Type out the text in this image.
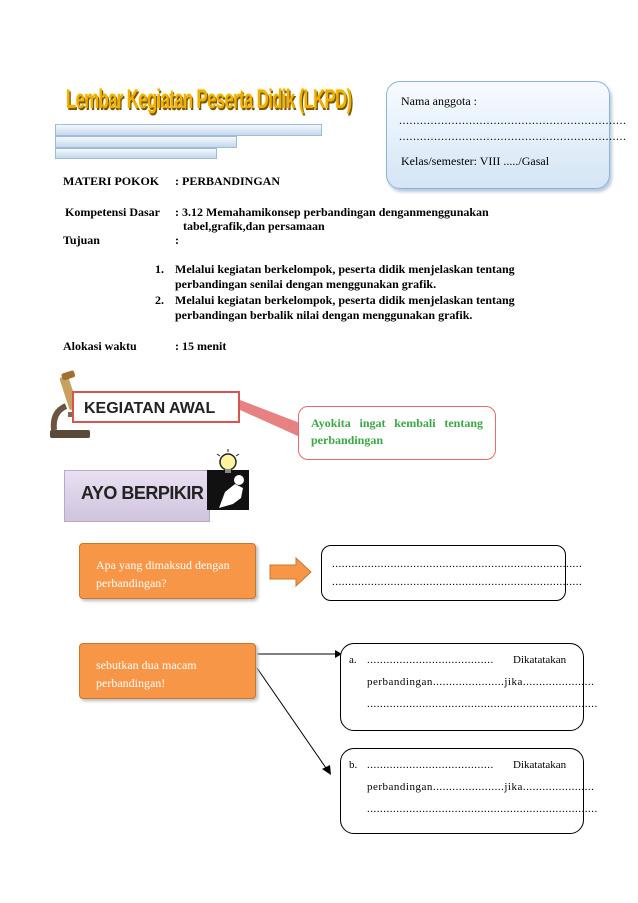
Lembar Kegiatan Peserta Didik (LKPD)	Nama anggota :
.................................................................
.................................................................
Kelas/semester: VIII ...../Gasal
MATERI POKOK : PERBANDINGAN
Kompetensi Dasar : 3.12 Memahamikonsep perbandingan denganmenggunakan
tabel,grafik,dan persamaan
Tujuan	:
1. Melalui kegiatan berkelompok, peserta didik menjelaskan tentang
perbandingan senilai dengan menggunakan grafik.
2. Melalui kegiatan berkelompok, peserta didik menjelaskan tentang
perbandingan berbalik nilai dengan menggunakan grafik.
Alokasi waktu	: 15 menit
KEGIATAN AWAL
Ayokita ingat kembali tentang perbandingan
AYO BERPIKIR
Apa yang dimaksud dengan perbandingan?
.............................................................................
.............................................................................
sebutkan dua macam perbandingan!
a. ....................................... Dikatatakan
perbandingan......................jika......................
.......................................................................
b. ....................................... Dikatatakan
perbandingan......................jika......................
.......................................................................
